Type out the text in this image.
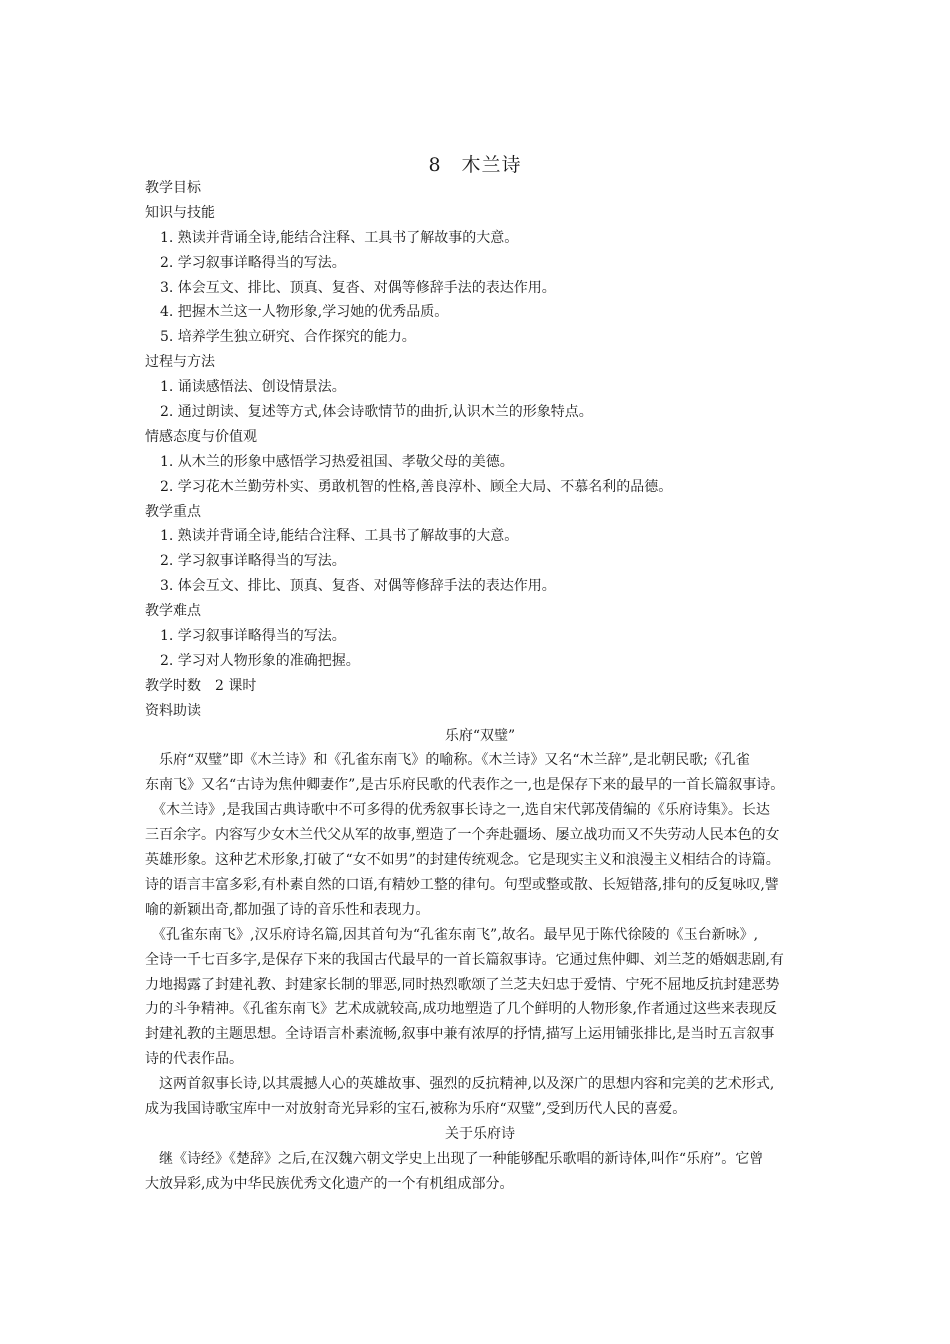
8　木兰诗
教学目标
知识与技能
1. 熟读并背诵全诗,能结合注释、工具书了解故事的大意。
2. 学习叙事详略得当的写法。
3. 体会互文、排比、顶真、复沓、对偶等修辞手法的表达作用。
4. 把握木兰这一人物形象,学习她的优秀品质。
5. 培养学生独立研究、合作探究的能力。
过程与方法
1. 诵读感悟法、创设情景法。
2. 通过朗读、复述等方式,体会诗歌情节的曲折,认识木兰的形象特点。
情感态度与价值观
1. 从木兰的形象中感悟学习热爱祖国、孝敬父母的美德。
2. 学习花木兰勤劳朴实、勇敢机智的性格,善良淳朴、顾全大局、不慕名利的品德。
教学重点
1. 熟读并背诵全诗,能结合注释、工具书了解故事的大意。
2. 学习叙事详略得当的写法。
3. 体会互文、排比、顶真、复沓、对偶等修辞手法的表达作用。
教学难点
1. 学习叙事详略得当的写法。
2. 学习对人物形象的准确把握。
教学时数　2 课时
资料助读
乐府“双璧”
　乐府“双璧”即《木兰诗》和《孔雀东南飞》的喻称。《木兰诗》又名“木兰辞”,是北朝民歌;《孔雀
东南飞》又名“古诗为焦仲卿妻作”,是古乐府民歌的代表作之一,也是保存下来的最早的一首长篇叙事诗。
　《木兰诗》,是我国古典诗歌中不可多得的优秀叙事长诗之一,选自宋代郭茂倩编的《乐府诗集》。长达
三百余字。内容写少女木兰代父从军的故事,塑造了一个奔赴疆场、屡立战功而又不失劳动人民本色的女
英雄形象。这种艺术形象,打破了“女不如男”的封建传统观念。它是现实主义和浪漫主义相结合的诗篇。
诗的语言丰富多彩,有朴素自然的口语,有精妙工整的律句。句型或整或散、长短错落,排句的反复咏叹,譬
喻的新颖出奇,都加强了诗的音乐性和表现力。
　《孔雀东南飞》,汉乐府诗名篇,因其首句为“孔雀东南飞”,故名。最早见于陈代徐陵的《玉台新咏》,
全诗一千七百多字,是保存下来的我国古代最早的一首长篇叙事诗。它通过焦仲卿、刘兰芝的婚姻悲剧,有
力地揭露了封建礼教、封建家长制的罪恶,同时热烈歌颂了兰芝夫妇忠于爱情、宁死不屈地反抗封建恶势
力的斗争精神。《孔雀东南飞》艺术成就较高,成功地塑造了几个鲜明的人物形象,作者通过这些来表现反
封建礼教的主题思想。全诗语言朴素流畅,叙事中兼有浓厚的抒情,描写上运用铺张排比,是当时五言叙事
诗的代表作品。
　这两首叙事长诗,以其震撼人心的英雄故事、强烈的反抗精神,以及深广的思想内容和完美的艺术形式,
成为我国诗歌宝库中一对放射奇光异彩的宝石,被称为乐府“双璧”,受到历代人民的喜爱。
关于乐府诗
　继《诗经》《楚辞》之后,在汉魏六朝文学史上出现了一种能够配乐歌唱的新诗体,叫作“乐府”。它曾
大放异彩,成为中华民族优秀文化遗产的一个有机组成部分。
